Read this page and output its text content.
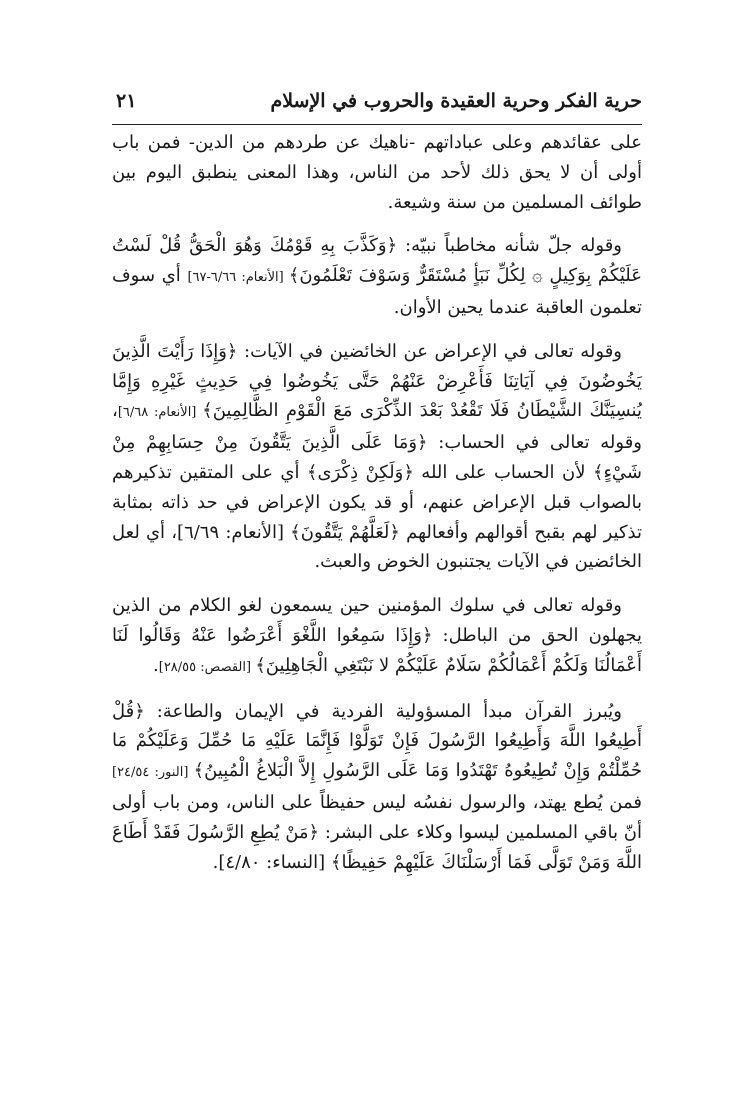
حرية الفكر وحرية العقيدة والحروب في الإسلام
٢١

على عقائدهم وعلى عباداتهم -ناهيك عن طردهم من الدين- فمن باب أولى أن لا يحق ذلك لأحد من الناس، وهذا المعنى ينطبق اليوم بين طوائف المسلمين من سنة وشيعة.

وقوله جلّ شأنه مخاطباً نبيّه: ﴿وَكَذَّبَ بِهِ قَوْمُكَ وَهُوَ الْحَقُّ قُلْ لَسْتُ عَلَيْكُمْ بِوَكِيلٍ ۞ لِكُلِّ نَبَأٍ مُسْتَقَرٌّ وَسَوْفَ تَعْلَمُونَ﴾ [الأنعام: ٦/٦٦-٦٧] أي سوف تعلمون العاقبة عندما يحين الأوان.

وقوله تعالى في الإعراض عن الخائضين في الآيات: ﴿وَإِذَا رَأَيْتَ الَّذِينَ يَخُوضُونَ فِي آيَاتِنَا فَأَعْرِضْ عَنْهُمْ حَتَّى يَخُوضُوا فِي حَدِيثٍ غَيْرِهِ وَإِمَّا يُنسِيَنَّكَ الشَّيْطَانُ فَلَا تَقْعُدْ بَعْدَ الذِّكْرَى مَعَ الْقَوْمِ الظَّالِمِينَ﴾ [الأنعام: ٦/٦٨]، وقوله تعالى في الحساب: ﴿وَمَا عَلَى الَّذِينَ يَتَّقُونَ مِنْ حِسَابِهِمْ مِنْ شَيْءٍ﴾ لأن الحساب على الله ﴿وَلَكِنْ ذِكْرَى﴾ أي على المتقين تذكيرهم بالصواب قبل الإعراض عنهم، أو قد يكون الإعراض في حد ذاته بمثابة تذكير لهم بقبح أقوالهم وأفعالهم ﴿لَعَلَّهُمْ يَتَّقُونَ﴾ [الأنعام: ٦/٦٩]، أي لعل الخائضين في الآيات يجتنبون الخوض والعبث.

وقوله تعالى في سلوك المؤمنين حين يسمعون لغو الكلام من الذين يجهلون الحق من الباطل: ﴿وَإِذَا سَمِعُوا اللَّغْوَ أَعْرَضُوا عَنْهُ وَقَالُوا لَنَا أَعْمَالُنَا وَلَكُمْ أَعْمَالُكُمْ سَلَامٌ عَلَيْكُمْ لا نَبْتَغِي الْجَاهِلِينَ﴾ [القصص: ٢٨/٥٥].

ويُبرز القرآن مبدأ المسؤولية الفردية في الإيمان والطاعة: ﴿قُلْ أَطِيعُوا اللَّهَ وَأَطِيعُوا الرَّسُولَ فَإِنْ تَوَلَّوْا فَإِنَّمَا عَلَيْهِ مَا حُمِّلَ وَعَلَيْكُمْ مَا حُمِّلْتُمْ وَإِنْ تُطِيعُوهُ تَهْتَدُوا وَمَا عَلَى الرَّسُولِ إِلاَّ الْبَلاغُ الْمُبِينُ﴾ [النور: ٢٤/٥٤] فمن يُطع يهتد، والرسول نفسُه ليس حفيظاً على الناس، ومن باب أولى أنّ باقي المسلمين ليسوا وكلاء على البشر: ﴿مَنْ يُطِعِ الرَّسُولَ فَقَدْ أَطَاعَ اللَّهَ وَمَنْ تَوَلَّى فَمَا أَرْسَلْنَاكَ عَلَيْهِمْ حَفِيظًا﴾ [النساء: ٤/٨٠].
